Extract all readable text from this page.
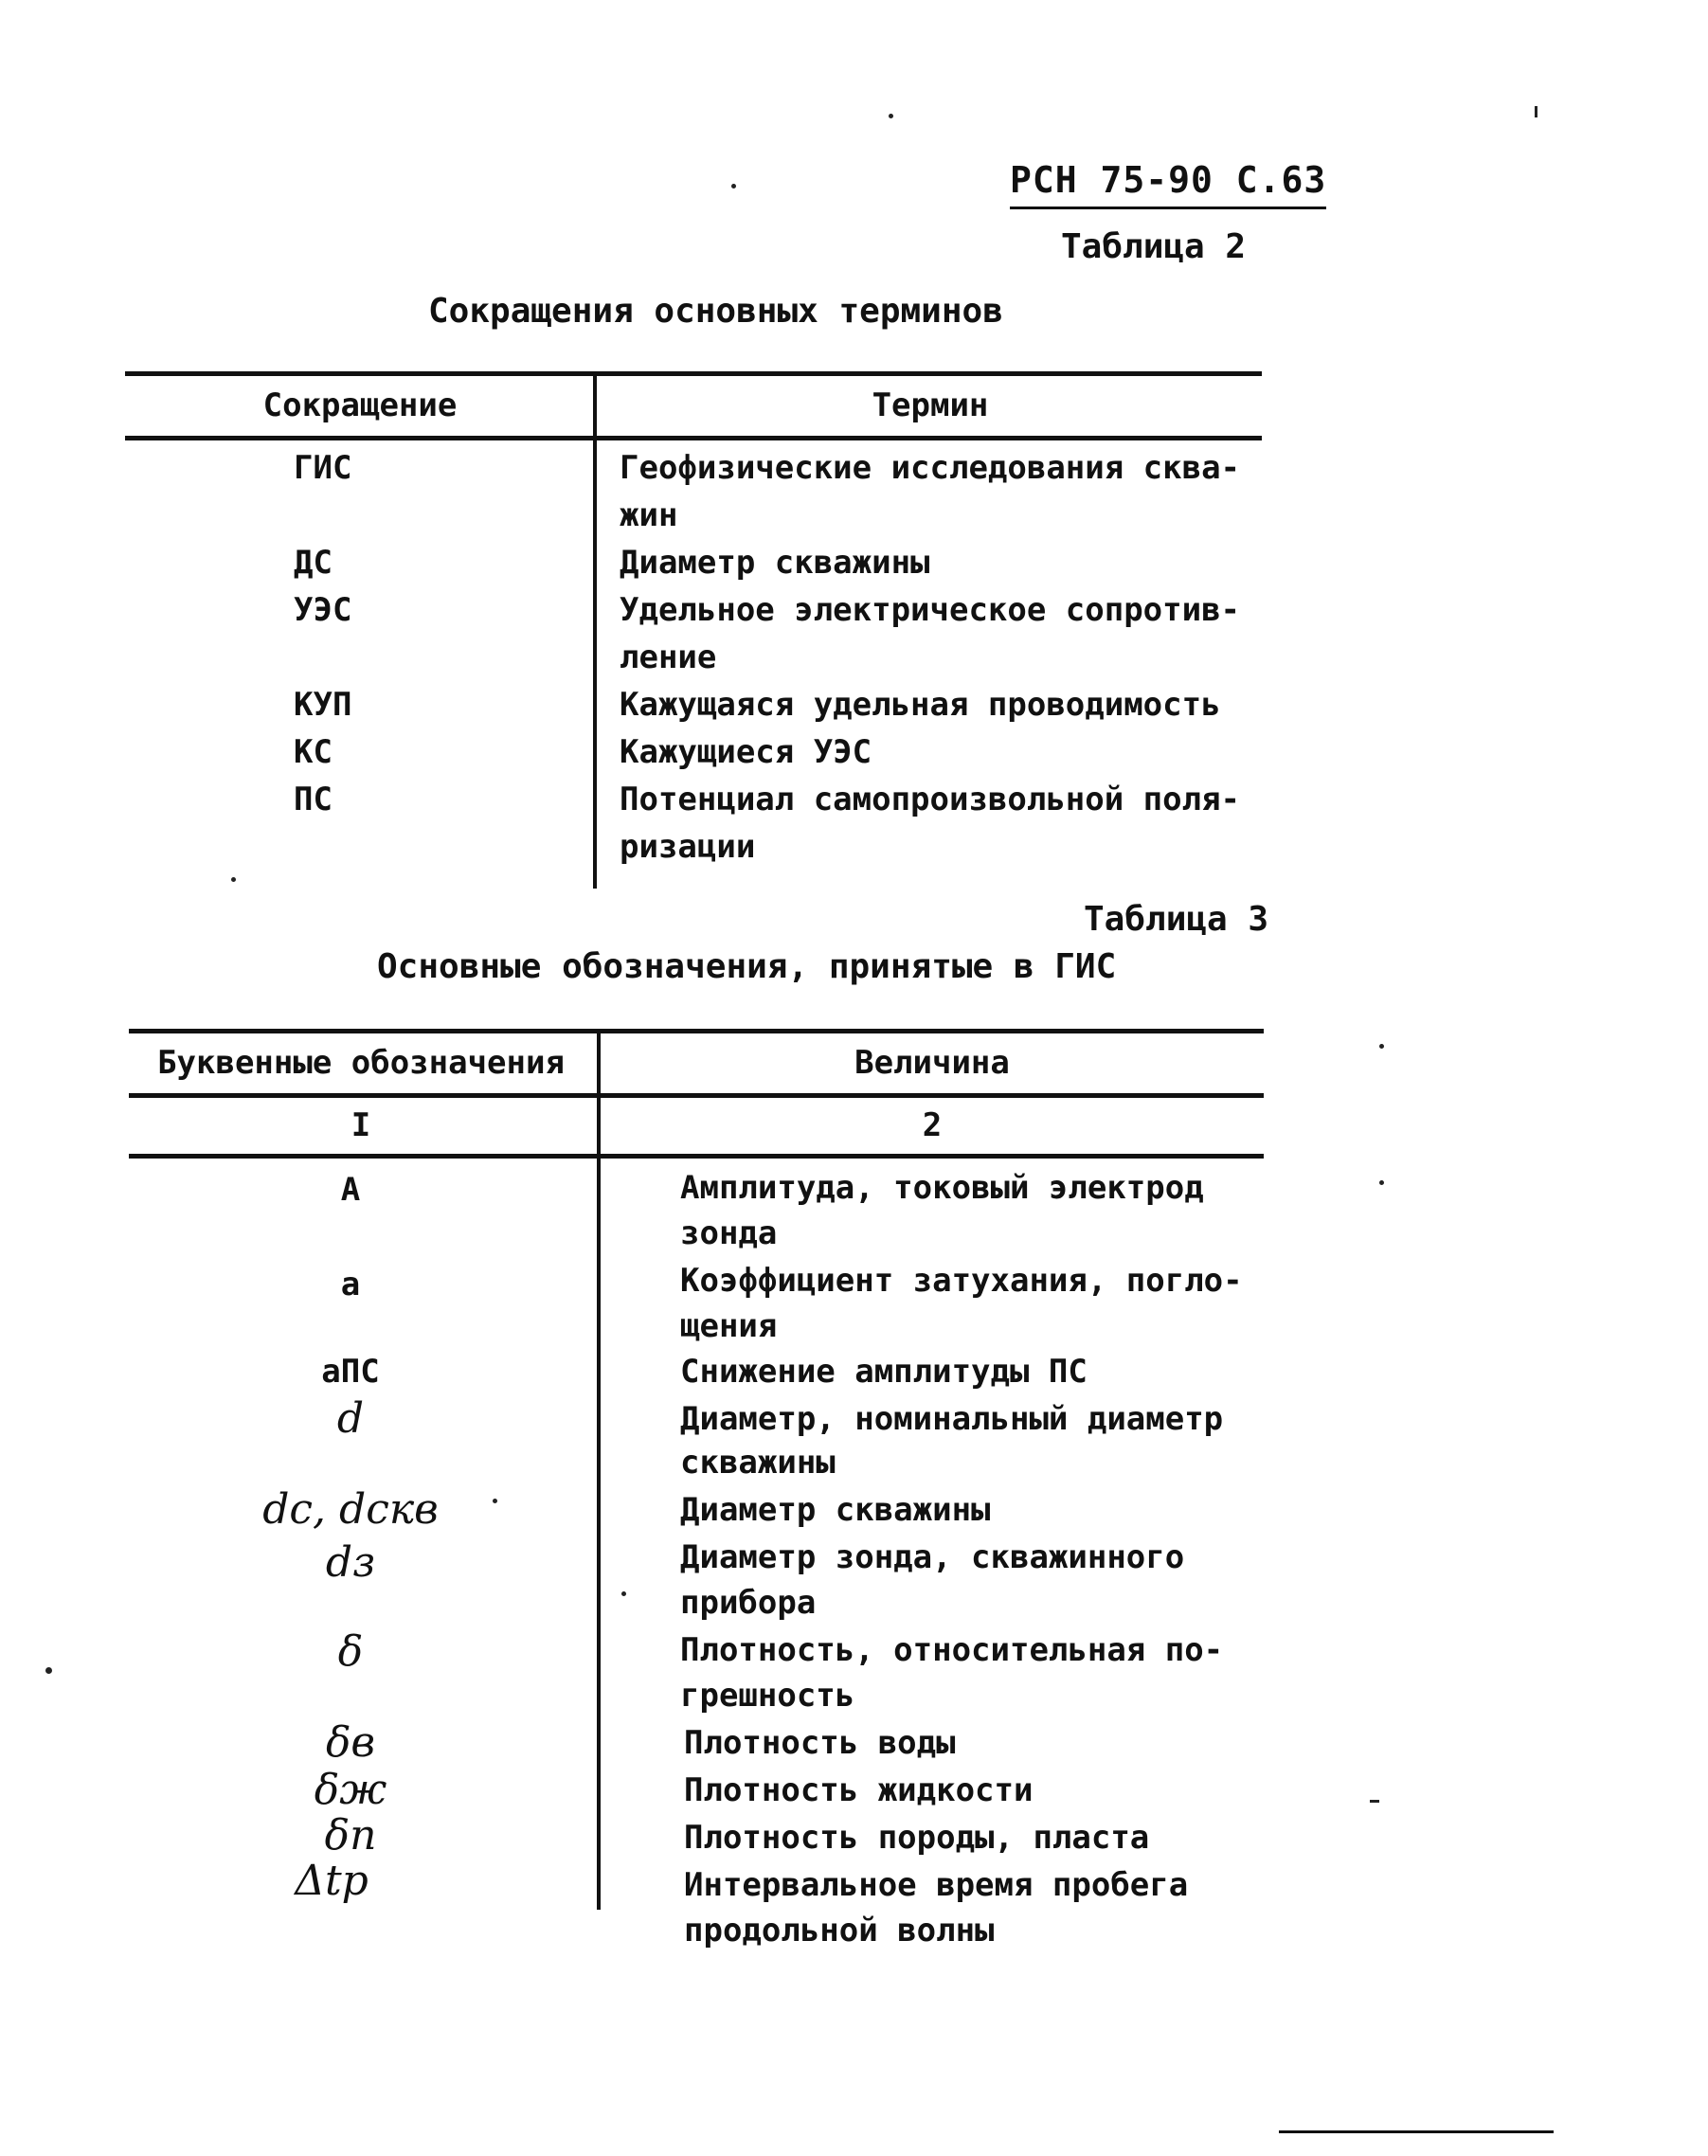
РСН 75-90 С.63
Таблица 2
Сокращения основных терминов
Сокращение	Термин
ГИС	Геофизические исследования сква-
жин
ДС	Диаметр скважины
УЭС	Удельное электрическое сопротив-
ление
КУП	Кажущаяся удельная проводимость
КС	Кажущиеся УЭС
ПС	Потенциал самопроизвольной поля-
ризации
Таблица 3
Основные обозначения, принятые в ГИС
Буквенные обозначения	Величина
I	2
A	Амплитуда, токовый электрод
зонда
a	Коэффициент затухания, погло-
щения
aПС	Снижение амплитуды ПС
d	Диаметр, номинальный диаметр
скважины
dс, dскв	Диаметр скважины
dз	Диаметр зонда, скважинного
прибора
δ	Плотность, относительная по-
грешность
δв	Плотность воды
δж	Плотность жидкости
δп	Плотность породы, пласта
Δtр	Интервальное время пробега
продольной волны
